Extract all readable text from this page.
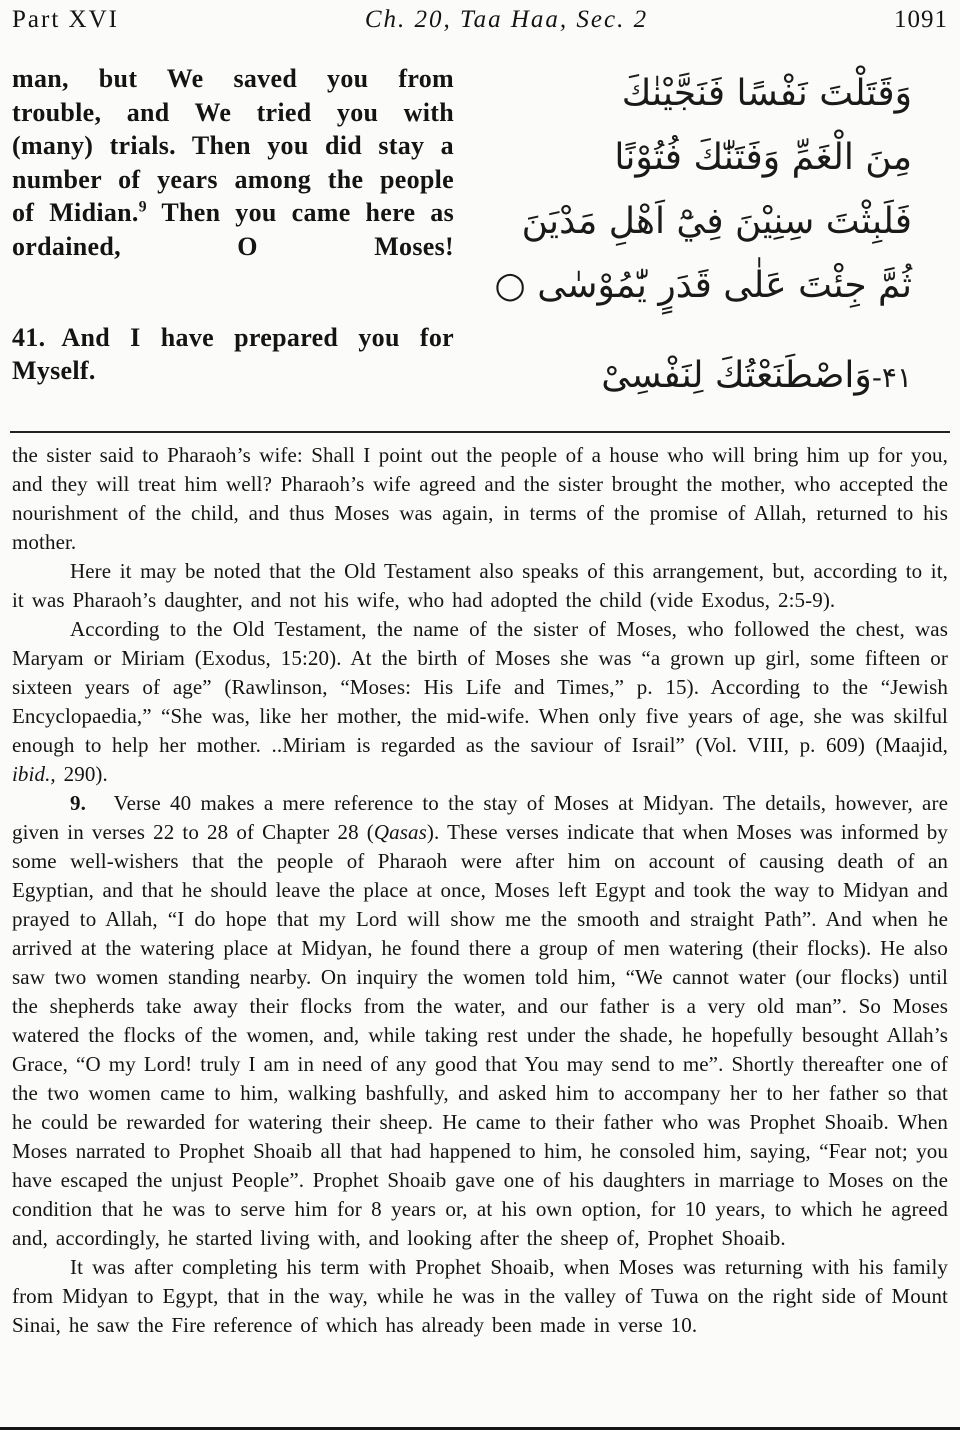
Part XVI	Ch. 20, Taa Haa, Sec. 2	1091

man, but We saved you from trouble, and We tried you with (many) trials. Then you did stay a number of years among the people of Midian.$^9$ Then you came here as ordained, O Moses!

41. And I have prepared you for Myself.

وَقَتَلْتَ نَفْسًا فَنَجَّيْنٰكَ
مِنَ الْغَمِّ وَفَتَنّٰكَ فُتُوْنًا
فَلَبِثْتَ سِنِيْنَ فِيْٓ اَهْلِ مَدْيَنَ
ثُمَّ جِئْتَ عَلٰى قَدَرٍ يّٰمُوْسٰى ○
۴۱-وَاصْطَنَعْتُكَ لِنَفْسِىْ

the sister said to Pharaoh’s wife: Shall I point out the people of a house who will bring him up for you, and they will treat him well? Pharaoh’s wife agreed and the sister brought the mother, who accepted the nourishment of the child, and thus Moses was again, in terms of the promise of Allah, returned to his mother.

Here it may be noted that the Old Testament also speaks of this arrangement, but, according to it, it was Pharaoh’s daughter, and not his wife, who had adopted the child (vide Exodus, 2:5-9).

According to the Old Testament, the name of the sister of Moses, who followed the chest, was Maryam or Miriam (Exodus, 15:20). At the birth of Moses she was “a grown up girl, some fifteen or sixteen years of age” (Rawlinson, “Moses: His Life and Times,” p. 15). According to the “Jewish Encyclopaedia,” “She was, like her mother, the mid-wife. When only five years of age, she was skilful enough to help her mother. ..Miriam is regarded as the saviour of Israil” (Vol. VIII, p. 609) (Maajid, ibid., 290).

9.   Verse 40 makes a mere reference to the stay of Moses at Midyan. The details, however, are given in verses 22 to 28 of Chapter 28 (Qasas). These verses indicate that when Moses was informed by some well-wishers that the people of Pharaoh were after him on account of causing death of an Egyptian, and that he should leave the place at once, Moses left Egypt and took the way to Midyan and prayed to Allah, “I do hope that my Lord will show me the smooth and straight Path”. And when he arrived at the watering place at Midyan, he found there a group of men watering (their flocks). He also saw two women standing nearby. On inquiry the women told him, “We cannot water (our flocks) until the shepherds take away their flocks from the water, and our father is a very old man”. So Moses watered the flocks of the women, and, while taking rest under the shade, he hopefully besought Allah’s Grace, “O my Lord! truly I am in need of any good that You may send to me”. Shortly thereafter one of the two women came to him, walking bashfully, and asked him to accompany her to her father so that he could be rewarded for watering their sheep. He came to their father who was Prophet Shoaib. When Moses narrated to Prophet Shoaib all that had happened to him, he consoled him, saying, “Fear not; you have escaped the unjust People”. Prophet Shoaib gave one of his daughters in marriage to Moses on the condition that he was to serve him for 8 years or, at his own option, for 10 years, to which he agreed and, accordingly, he started living with, and looking after the sheep of, Prophet Shoaib.

It was after completing his term with Prophet Shoaib, when Moses was returning with his family from Midyan to Egypt, that in the way, while he was in the valley of Tuwa on the right side of Mount Sinai, he saw the Fire reference of which has already been made in verse 10.
